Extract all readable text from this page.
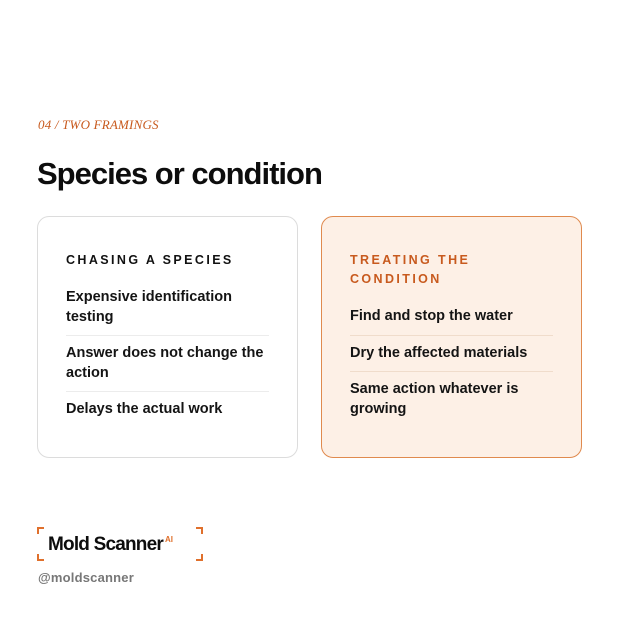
04 / TWO FRAMINGS
Species or condition
CHASING A SPECIES
Expensive identification testing
Answer does not change the action
Delays the actual work
TREATING THE CONDITION
Find and stop the water
Dry the affected materials
Same action whatever is growing
Mold Scanner $^{AI}$
@moldscanner
